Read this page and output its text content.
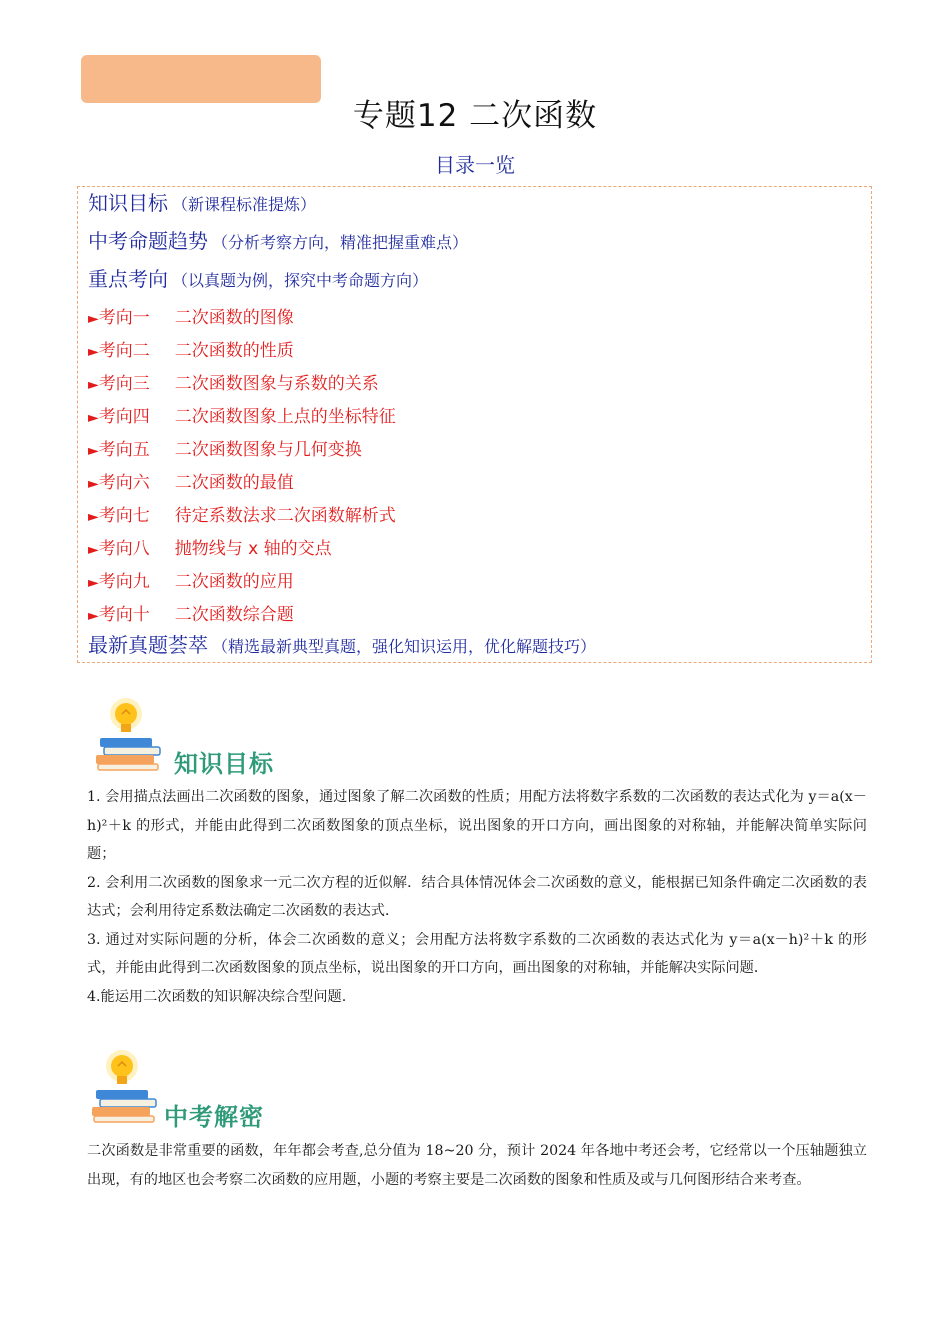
专题12 二次函数
目录一览
知识目标 （新课程标准提炼）
中考命题趋势 （分析考察方向，精准把握重难点）
重点考向 （以真题为例，探究中考命题方向）
►考向一 二次函数的图像
►考向二 二次函数的性质
►考向三 二次函数图象与系数的关系
►考向四 二次函数图象上点的坐标特征
►考向五 二次函数图象与几何变换
►考向六 二次函数的最值
►考向七 待定系数法求二次函数解析式
►考向八 抛物线与 x 轴的交点
►考向九 二次函数的应用
►考向十 二次函数综合题
最新真题荟萃 （精选最新典型真题，强化知识运用，优化解题技巧）
知识目标

1. 会用描点法画出二次函数的图象，通过图象了解二次函数的性质；用配方法将数字系数的二次函数的表达式化为 y＝a(x－h)²＋k 的形式，并能由此得到二次函数图象的顶点坐标，说出图象的开口方向，画出图象的对称轴，并能解决简单实际问题；

2. 会利用二次函数的图象求一元二次方程的近似解．结合具体情况体会二次函数的意义，能根据已知条件确定二次函数的表达式；会利用待定系数法确定二次函数的表达式．

3. 通过对实际问题的分析，体会二次函数的意义；会用配方法将数字系数的二次函数的表达式化为 y＝a(x－h)²＋k 的形式，并能由此得到二次函数图象的顶点坐标，说出图象的开口方向，画出图象的对称轴，并能解决实际问题．

4.能运用二次函数的知识解决综合型问题.

中考解密

二次函数是非常重要的函数，年年都会考查,总分值为 18~20 分，预计 2024 年各地中考还会考，它经常以一个压轴题独立出现，有的地区也会考察二次函数的应用题，小题的考察主要是二次函数的图象和性质及或与几何图形结合来考查。
